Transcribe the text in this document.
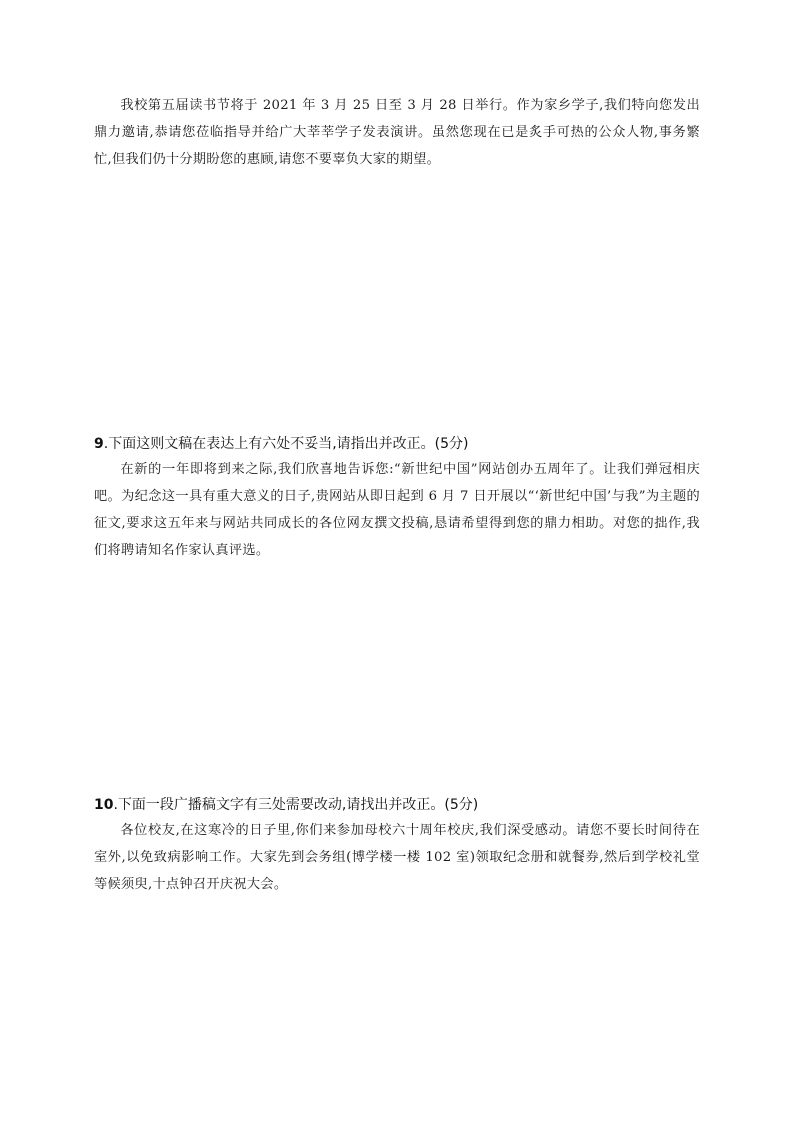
我校第五届读书节将于 2021 年 3 月 25 日至 3 月 28 日举行。作为家乡学子,我们特向您发出鼎力邀请,恭请您莅临指导并给广大莘莘学子发表演讲。虽然您现在已是炙手可热的公众人物,事务繁忙,但我们仍十分期盼您的惠顾,请您不要辜负大家的期望。

9.下面这则文稿在表达上有六处不妥当,请指出并改正。(5分)

在新的一年即将到来之际,我们欣喜地告诉您:“新世纪中国”网站创办五周年了。让我们弹冠相庆吧。为纪念这一具有重大意义的日子,贵网站从即日起到 6 月 7 日开展以“‘新世纪中国’与我”为主题的征文,要求这五年来与网站共同成长的各位网友撰文投稿,恳请希望得到您的鼎力相助。对您的拙作,我们将聘请知名作家认真评选。

10.下面一段广播稿文字有三处需要改动,请找出并改正。(5分)

各位校友,在这寒冷的日子里,你们来参加母校六十周年校庆,我们深受感动。请您不要长时间待在室外,以免致病影响工作。大家先到会务组(博学楼一楼 102 室)领取纪念册和就餐券,然后到学校礼堂等候须臾,十点钟召开庆祝大会。
